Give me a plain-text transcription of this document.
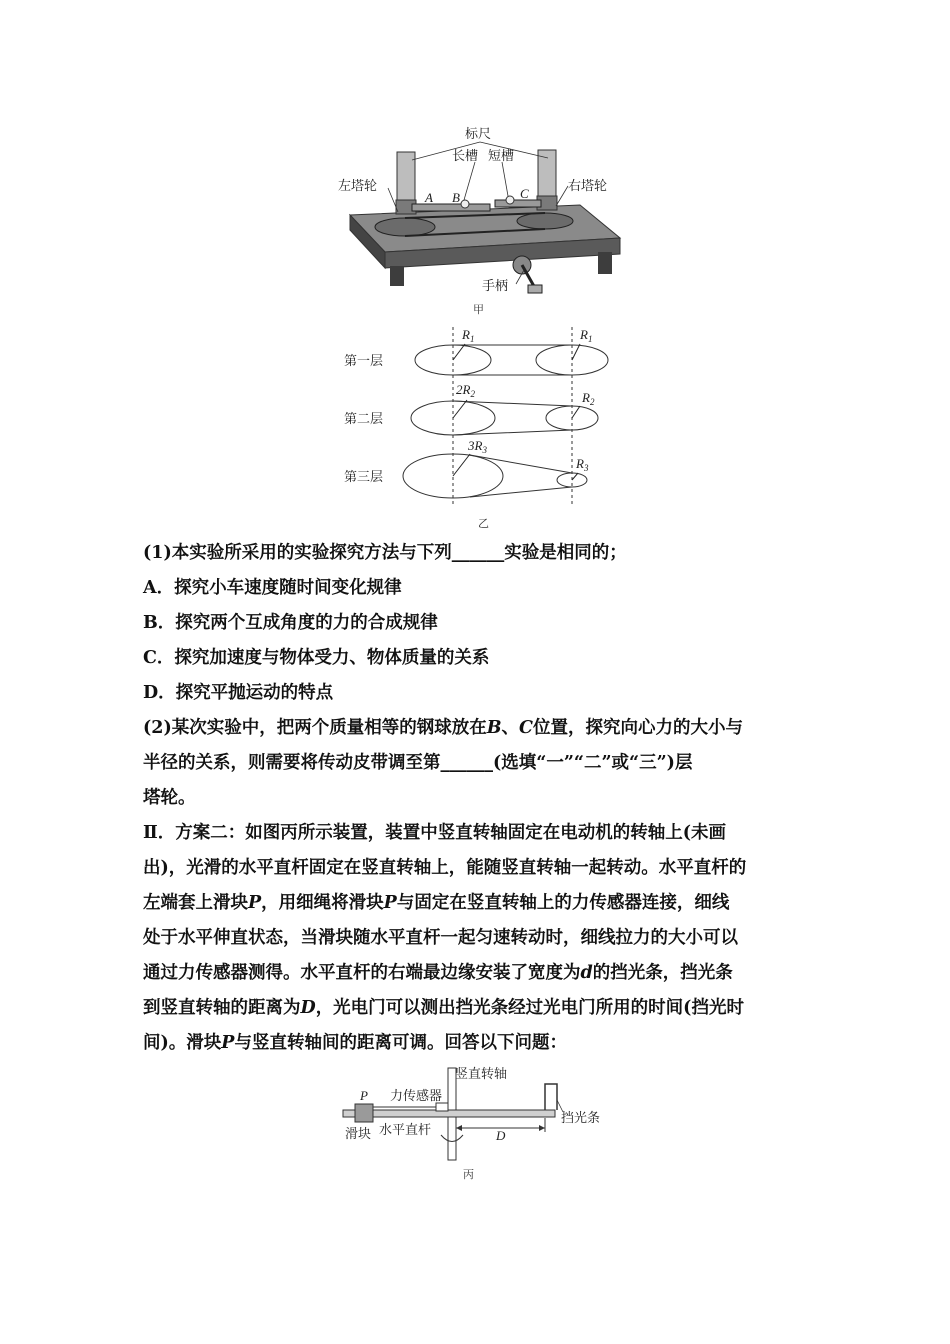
标尺
长槽 短槽
左塔轮	右塔轮
A B	C
手柄
甲
第一层
第二层
第三层
$R_1$	$R_1$
$2R_2$	$R_2$
$3R_3$
$R_3$
乙

(1)本实验所采用的实验探究方法与下列______实验是相同的；

A．探究小车速度随时间变化规律

B．探究两个互成角度的力的合成规律

C．探究加速度与物体受力、物体质量的关系

D．探究平抛运动的特点

(2)某次实验中，把两个质量相等的钢球放在B、C位置，探究向心力的大小与

半径的关系，则需要将传动皮带调至第______(选填“一”“二”或“三”)层

塔轮。

Ⅱ．方案二：如图丙所示装置，装置中竖直转轴固定在电动机的转轴上(未画

出)，光滑的水平直杆固定在竖直转轴上，能随竖直转轴一起转动。水平直杆的

左端套上滑块P，用细绳将滑块P与固定在竖直转轴上的力传感器连接，细线

处于水平伸直状态，当滑块随水平直杆一起匀速转动时，细线拉力的大小可以

通过力传感器测得。水平直杆的右端最边缘安装了宽度为d的挡光条，挡光条

到竖直转轴的距离为D，光电门可以测出挡光条经过光电门所用的时间(挡光时

间)。滑块P与竖直转轴间的距离可调。回答以下问题：

竖直转轴
力传感器
P
滑块 水平直杆	D
挡光条
丙
